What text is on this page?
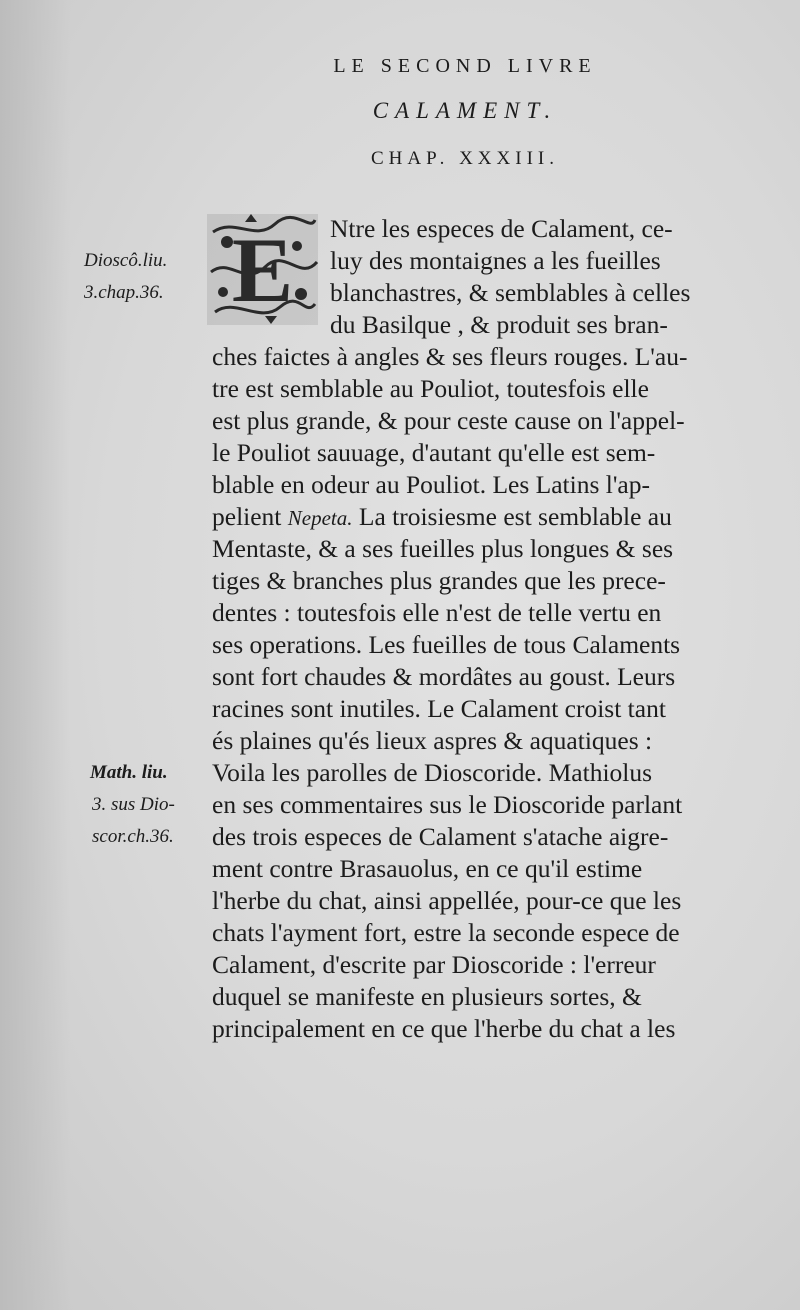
LE SECOND LIVRE
CALAMENT.
CHAP. XXXIII.
E	Ntre les especes de Calament, ce-
luy des montaignes a les fueilles
blanchastres, & semblables à celles
du Basilque , & produit ses bran-
ches faictes à angles & ses fleurs rouges. L'au-
tre est semblable au Pouliot, toutesfois elle
est plus grande, & pour ceste cause on l'appel-
le Pouliot sauuage, d'autant qu'elle est sem-
blable en odeur au Pouliot. Les Latins l'ap-
pelient Nepeta. La troisiesme est semblable au
Mentaste, & a ses fueilles plus longues & ses
tiges & branches plus grandes que les prece-
dentes : toutesfois elle n'est de telle vertu en
ses operations. Les fueilles de tous Calaments
sont fort chaudes & mordâtes au goust. Leurs
racines sont inutiles. Le Calament croist tant
és plaines qu'és lieux aspres & aquatiques :
Voila les parolles de Dioscoride. Mathiolus
en ses commentaires sus le Dioscoride parlant
des trois especes de Calament s'atache aigre-
ment contre Brasauolus, en ce qu'il estime
l'herbe du chat, ainsi appellée, pour-ce que les
chats l'ayment fort, estre la seconde espece de
Calament, d'escrite par Dioscoride : l'erreur
duquel se manifeste en plusieurs sortes, &
principalement en ce que l'herbe du chat a les
Dioscô.liu.
3.chap.36.
Math. liu.
3. sus Dio-
scor.ch.36.
